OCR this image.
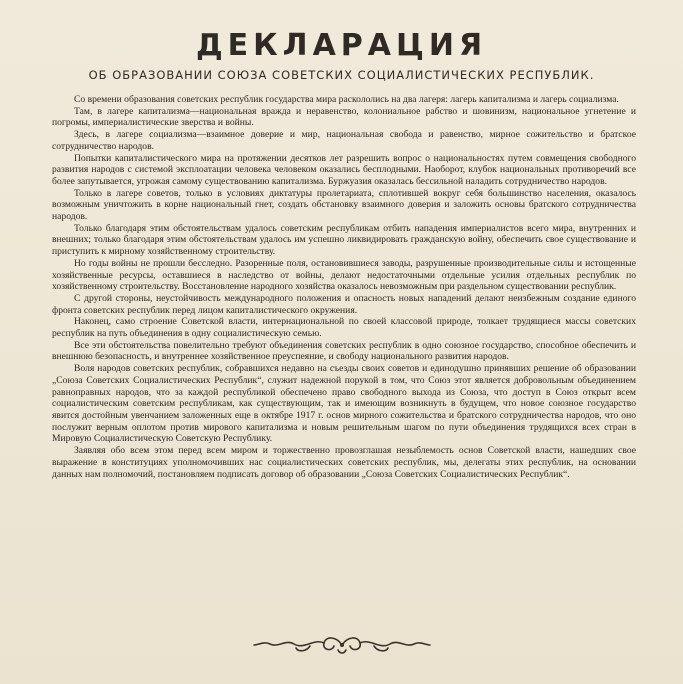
ДЕКЛАРАЦИЯ
ОБ ОБРАЗОВАНИИ СОЮЗА СОВЕТСКИХ СОЦИАЛИСТИЧЕСКИХ РЕСПУБЛИК.

Со времени образования советских республик государства мира раскололись на два лагеря: лагерь капитализма и лагерь социализма.

Там, в лагере капитализма—национальная вражда и неравенство, колониальное рабство и шовинизм, национальное угнетение и погромы, империалистические зверства и войны.

Здесь, в лагере социализма—взаимное доверие и мир, национальная свобода и равенство, мирное сожительство и братское сотрудничество народов.

Попытки капиталистического мира на протяжении десятков лет разрешить вопрос о национальностях путем совмещения свободного развития народов с системой эксплоатации человека человеком оказались бесплодными. Наоборот, клубок национальных противоречий все более запутывается, угрожая самому существованию капитализма. Буржуазия оказалась бессильной наладить сотрудничество народов.

Только в лагере советов, только в условиях диктатуры пролетариата, сплотившей вокруг себя большинство населения, оказалось возможным уничтожить в корне национальный гнет, создать обстановку взаимного доверия и заложить основы братского сотрудничества народов.

Только благодаря этим обстоятельствам удалось советским республикам отбить нападения империалистов всего мира, внутренних и внешних; только благодаря этим обстоятельствам удалось им успешно ликвидировать гражданскую войну, обеспечить свое существование и приступить к мирному хозяйственному строительству.

Но годы войны не прошли бесследно. Разоренные поля, остановившиеся заводы, разрушенные производительные силы и истощенные хозяйственные ресурсы, оставшиеся в наследство от войны, делают недостаточными отдельные усилия отдельных республик по хозяйственному строительству. Восстановление народного хозяйства оказалось невозможным при раздельном существовании республик.

С другой стороны, неустойчивость международного положения и опасность новых нападений делают неизбежным создание единого фронта советских республик перед лицом капиталистического окружения.

Наконец, само строение Советской власти, интернациональной по своей классовой природе, толкает трудящиеся массы советских республик на путь объединения в одну социалистическую семью.

Все эти обстоятельства повелительно требуют объединения советских республик в одно союзное государство, способное обеспечить и внешнюю безопасность, и внутреннее хозяйственное преуспеяние, и свободу национального развития народов.

Воля народов советских республик, собравшихся недавно на съезды своих советов и единодушно принявших решение об образовании „Союза Советских Социалистических Республик“, служит надежной порукой в том, что Союз этот является добровольным объединением равноправных народов, что за каждой республикой обеспечено право свободного выхода из Союза, что доступ в Союз открыт всем социалистическим советским республикам, как существующим, так и имеющим возникнуть в будущем, что новое союзное государство явится достойным увенчанием заложенных еще в октябре 1917 г. основ мирного сожительства и братского сотрудничества народов, что оно послужит верным оплотом против мирового капитализма и новым решительным шагом по пути объединения трудящихся всех стран в Мировую Социалистическую Советскую Республику.

Заявляя обо всем этом перед всем миром и торжественно провозглашая незыблемость основ Советской власти, нашедших свое выражение в конституциях уполномочивших нас социалистических советских республик, мы, делегаты этих республик, на основании данных нам полномочий, постановляем подписать договор об образовании „Союза Советских Социалистических Республик“.
